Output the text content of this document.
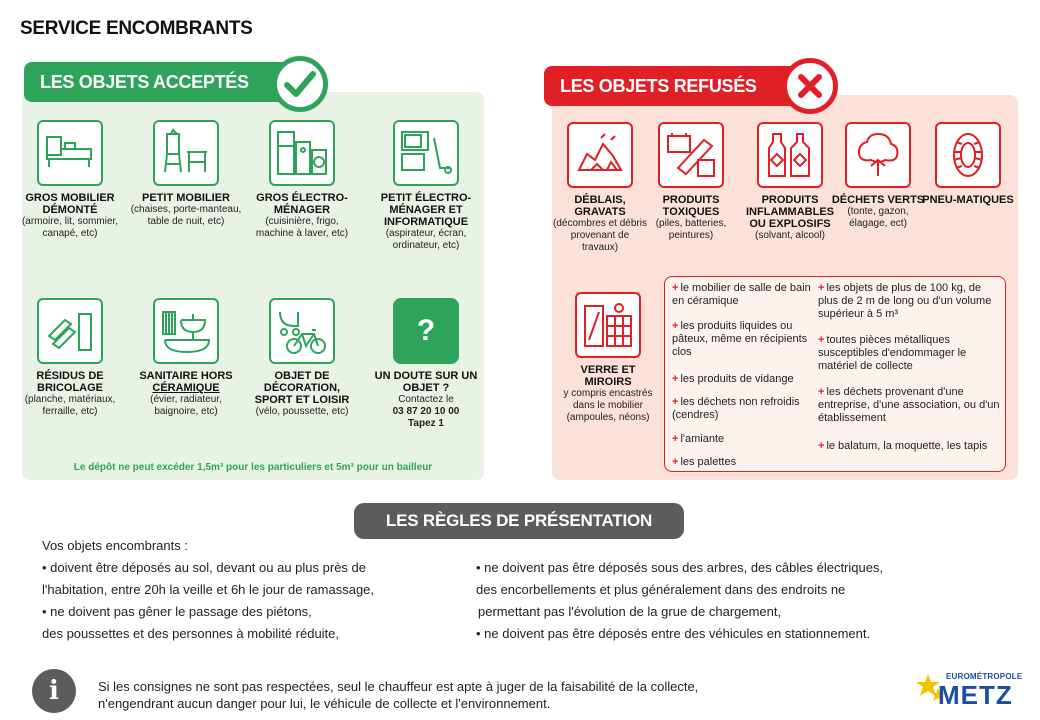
SERVICE ENCOMBRANTS
LES OBJETS ACCEPTÉS
GROS MOBILIER DÉMONTÉ
(armoire, lit, sommier, canapé, etc)
PETIT MOBILIER
(chaises, porte-manteau, table de nuit, etc)
GROS ÉLECTRO-MÉNAGER
(cuisinière, frigo, machine à laver, etc)
PETIT ÉLECTRO-MÉNAGER ET INFORMATIQUE
(aspirateur, écran, ordinateur, etc)
RÉSIDUS DE BRICOLAGE
(planche, matériaux, ferraille, etc)
SANITAIRE HORS
CÉRAMIQUE
(évier, radiateur, baignoire, etc)
OBJET DE DÉCORATION, SPORT ET LOISIR
(vélo, poussette, etc)
?
UN DOUTE SUR UN OBJET ?
Contactez le
03 87 20 10 00
Tapez 1
Le dépôt ne peut excéder 1,5m³ pour les particuliers et 5m³ pour un bailleur
LES OBJETS REFUSÉS
DÉBLAIS, GRAVATS
(décombres et débris provenant de travaux)
PRODUITS TOXIQUES
(piles, batteries, peintures)
PRODUITS INFLAMMABLES OU EXPLOSIFS
(solvant, alcool)
DÉCHETS VERTS
(tonte, gazon, élagage, ect)
PNEU-MATIQUES
VERRE ET MIROIRS
y compris encastrés dans le mobilier (ampoules, néons)
+ le mobilier de salle de bain en céramique
+ les produits liquides ou pâteux, même en récipients clos
+ les produits de vidange
+ les déchets non refroidis (cendres)
+ l'amiante
+ les palettes
+ les objets de plus de 100 kg, de plus de 2 m de long ou d'un volume supérieur à 5 m³
+ toutes pièces métalliques susceptibles d'endommager le matériel de collecte
+ les déchets provenant d'une entreprise, d'une association, ou d'un établissement
+ le balatum, la moquette, les tapis
LES RÈGLES DE PRÉSENTATION
Vos objets encombrants :
• doivent être déposés au sol, devant ou au plus près de
l'habitation, entre 20h la veille et 6h le jour de ramassage,
• ne doivent pas gêner le passage des piétons,
des poussettes et des personnes à mobilité réduite,
• ne doivent pas être déposés sous des arbres, des câbles électriques,
des encorbellements et plus généralement dans des endroits ne
permettant pas l'évolution de la grue de chargement,
• ne doivent pas être déposés entre des véhicules en stationnement.
i	Si les consignes ne sont pas respectées, seul le chauffeur est apte à juger de la faisabilité de la collecte,
n'engendrant aucun danger pour lui, le véhicule de collecte et l'environnement.
EUROMÉTROPOLE
METZ
